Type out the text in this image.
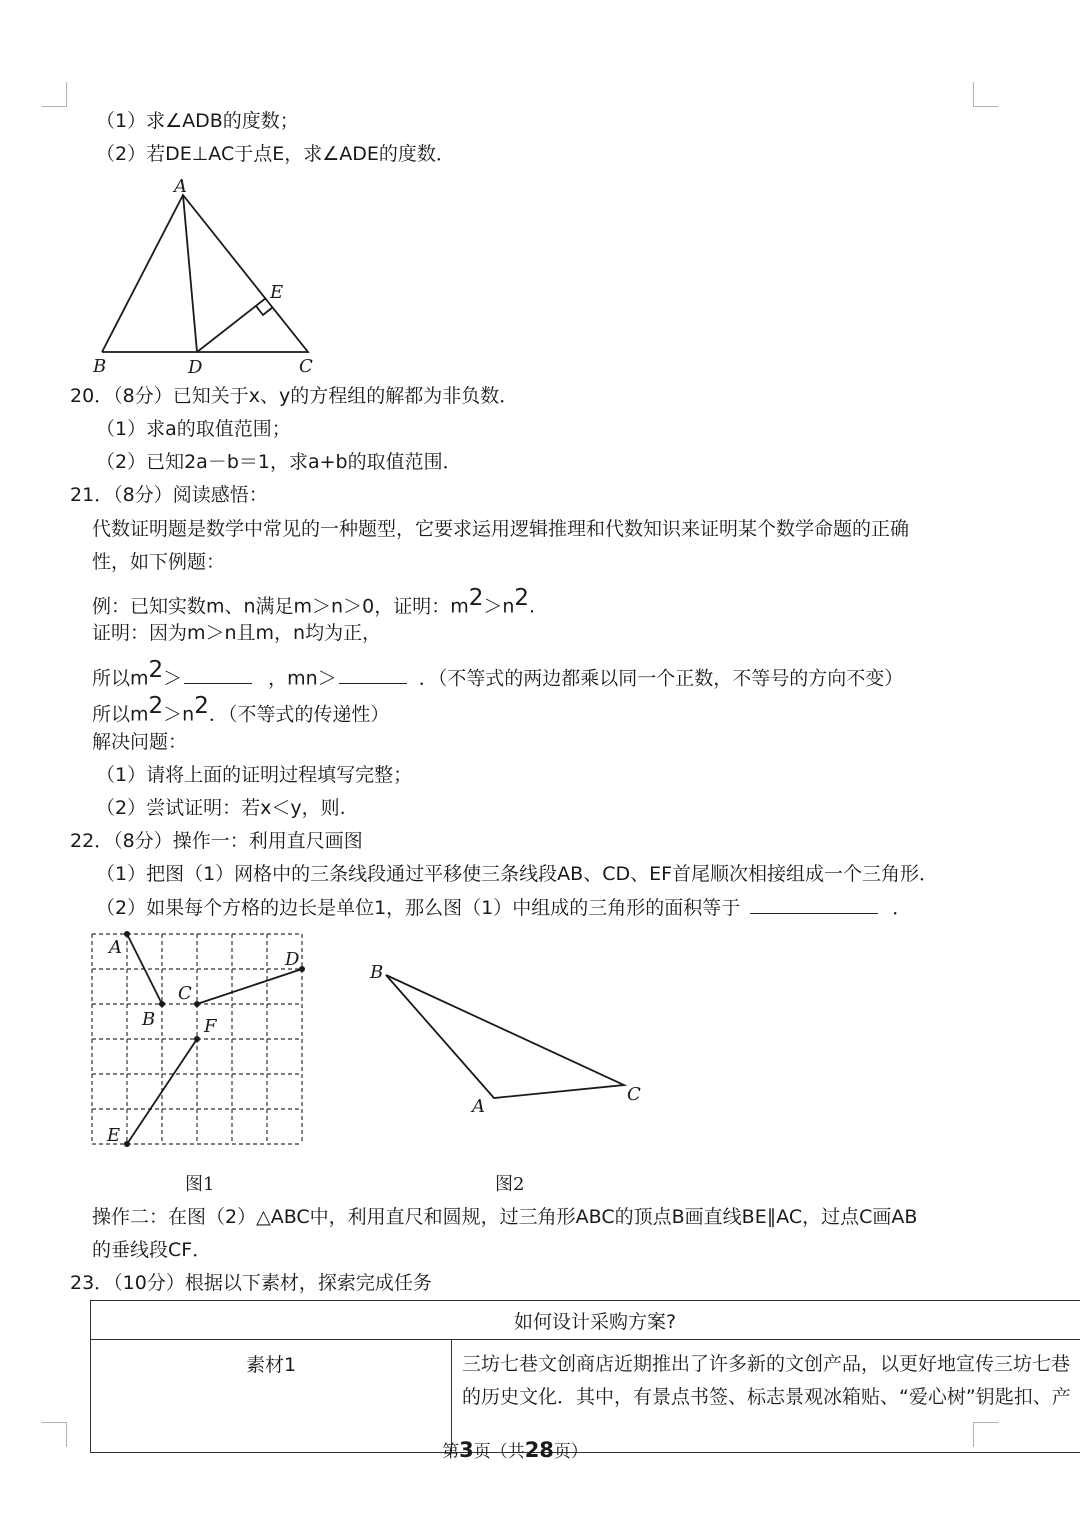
（1）求∠ADB的度数；
（2）若DE⊥AC于点E，求∠ADE的度数．
A
B	D	C
E
20．（8分）已知关于x、y的方程组的解都为非负数．
（1）求a的取值范围；
（2）已知2a－b＝1，求a+b的取值范围．
21．（8分）阅读感悟：
代数证明题是数学中常见的一种题型，它要求运用逻辑推理和代数知识来证明某个数学命题的正确
性，如下例题：
例：已知实数m、n满足m＞n＞0，证明：$m^2>n^2$.
证明：因为m＞n且m，n均为正，
所以$m^2>$	，mn＞	．（不等式的两边都乘以同一个正数，不等号的方向不变）
所以$m^2>n^2$．（不等式的传递性）
解决问题：
（1）请将上面的证明过程填写完整；
（2）尝试证明：若x＜y，则.
22．（8分）操作一：利用直尺画图
（1）把图（1）网格中的三条线段通过平移使三条线段AB、CD、EF首尾顺次相接组成一个三角形．
（2）如果每个方格的边长是单位1，那么图（1）中组成的三角形的面积等于	．
A
B
C
D
E
F
B
A
C
图1	图2
操作二：在图（2）△ABC中，利用直尺和圆规，过三角形ABC的顶点B画直线BE∥AC，过点C画AB
的垂线段CF．
23．（10分）根据以下素材，探索完成任务
如何设计采购方案?
素材1	三坊七巷文创商店近期推出了许多新的文创产品，以更好地宣传三坊七巷
的历史文化．其中，有景点书签、标志景观冰箱贴、“爱心树”钥匙扣、产
第3页（共28页）
